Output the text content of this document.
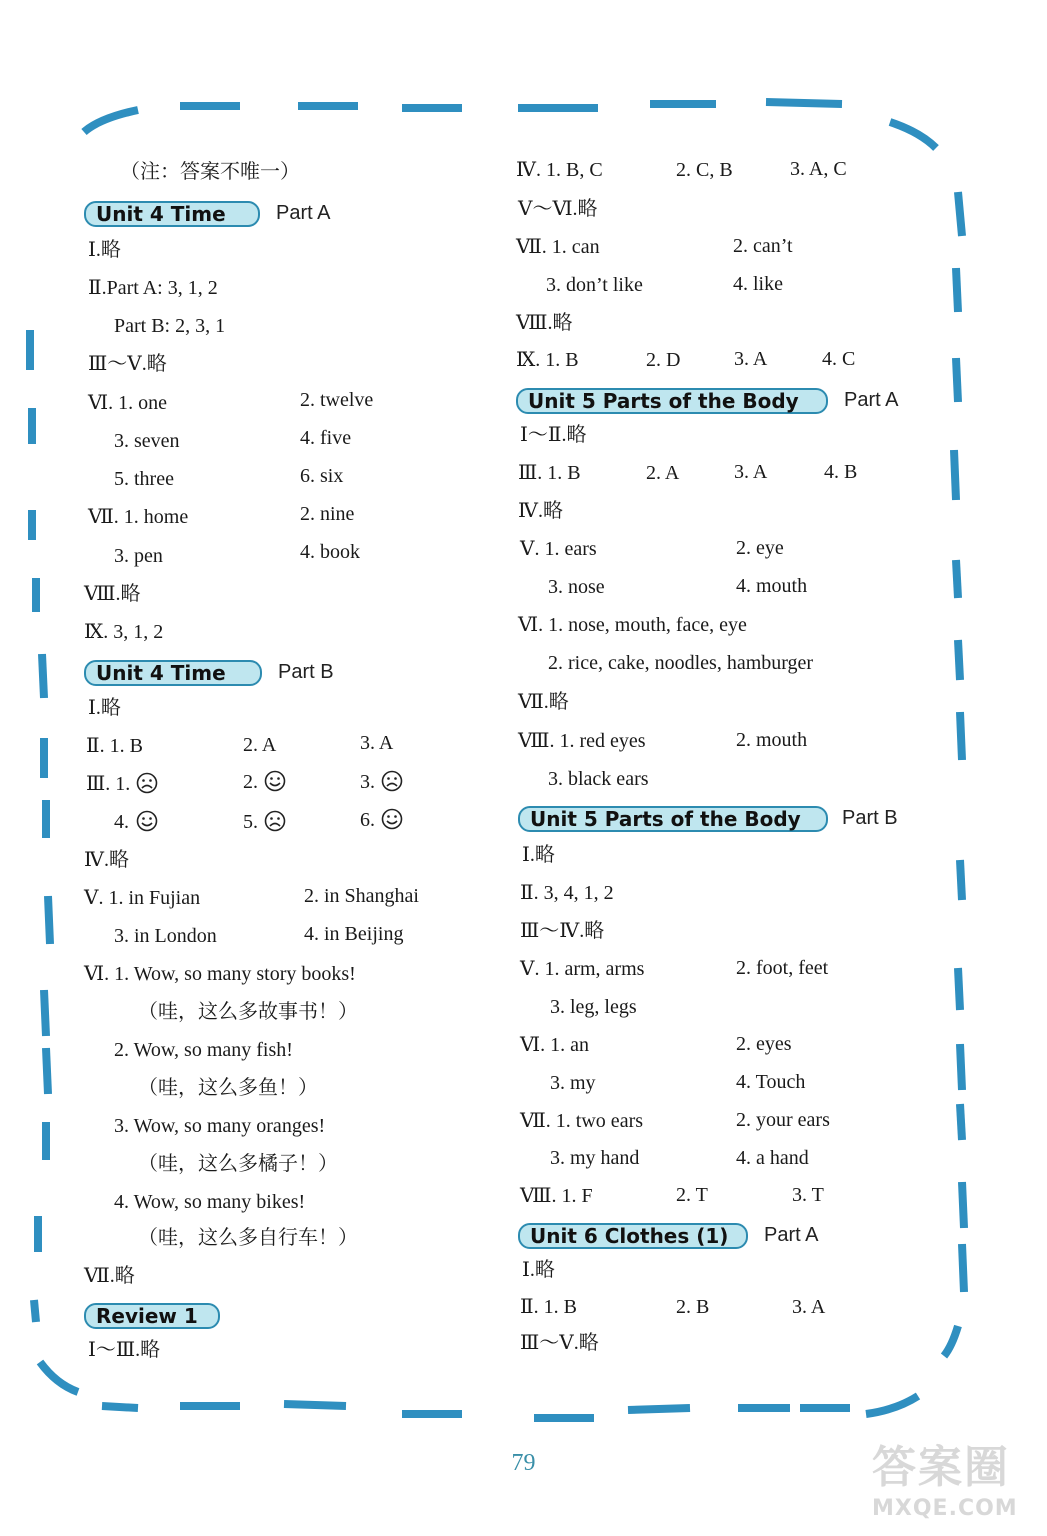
（注：答案不唯一）
Unit 4 Time	Part A
Ⅰ.略
Ⅱ.Part A: 3, 1, 2
Part B: 2, 3, 1
Ⅲ～Ⅴ.略
Ⅵ. 1. one	2. twelve
3. seven	4. five
5. three	6. six
Ⅶ. 1. home	2. nine
3. pen	4. book
Ⅷ.略
Ⅸ. 3, 1, 2
Unit 4 Time	Part B
Ⅰ.略
Ⅱ. 1. B	2. A	3. A
Ⅲ. 1.	2.	3.
4.	5.	6.
Ⅳ.略
Ⅴ. 1. in Fujian	2. in Shanghai
3. in London	4. in Beijing
Ⅵ. 1. Wow, so many story books!
（哇，这么多故事书！）
2. Wow, so many fish!
（哇，这么多鱼！）
3. Wow, so many oranges!
（哇，这么多橘子！）
4. Wow, so many bikes!
（哇，这么多自行车！）
Ⅶ.略
Review 1
Ⅰ～Ⅲ.略
Ⅳ. 1. B, C	2. C, B	3. A, C
Ⅴ～Ⅵ.略
Ⅶ. 1. can	2. can’t
3. don’t like	4. like
Ⅷ.略
Ⅸ. 1. B	2. D	3. A	4. C
Unit 5 Parts of the Body	Part A
Ⅰ～Ⅱ.略
Ⅲ. 1. B	2. A	3. A	4. B
Ⅳ.略
Ⅴ. 1. ears	2. eye
3. nose	4. mouth
Ⅵ. 1. nose, mouth, face, eye
2. rice, cake, noodles, hamburger
Ⅶ.略
Ⅷ. 1. red eyes	2. mouth
3. black ears
Unit 5 Parts of the Body	Part B
Ⅰ.略
Ⅱ. 3, 4, 1, 2
Ⅲ～Ⅳ.略
Ⅴ. 1. arm, arms	2. foot, feet
3. leg, legs
Ⅵ. 1. an	2. eyes
3. my	4. Touch
Ⅶ. 1. two ears	2. your ears
3. my hand	4. a hand
Ⅷ. 1. F	2. T	3. T
Unit 6 Clothes (1)	Part A
Ⅰ.略
Ⅱ. 1. B	2. B	3. A
Ⅲ～Ⅴ.略
79	答案圈
MXQE.COM
